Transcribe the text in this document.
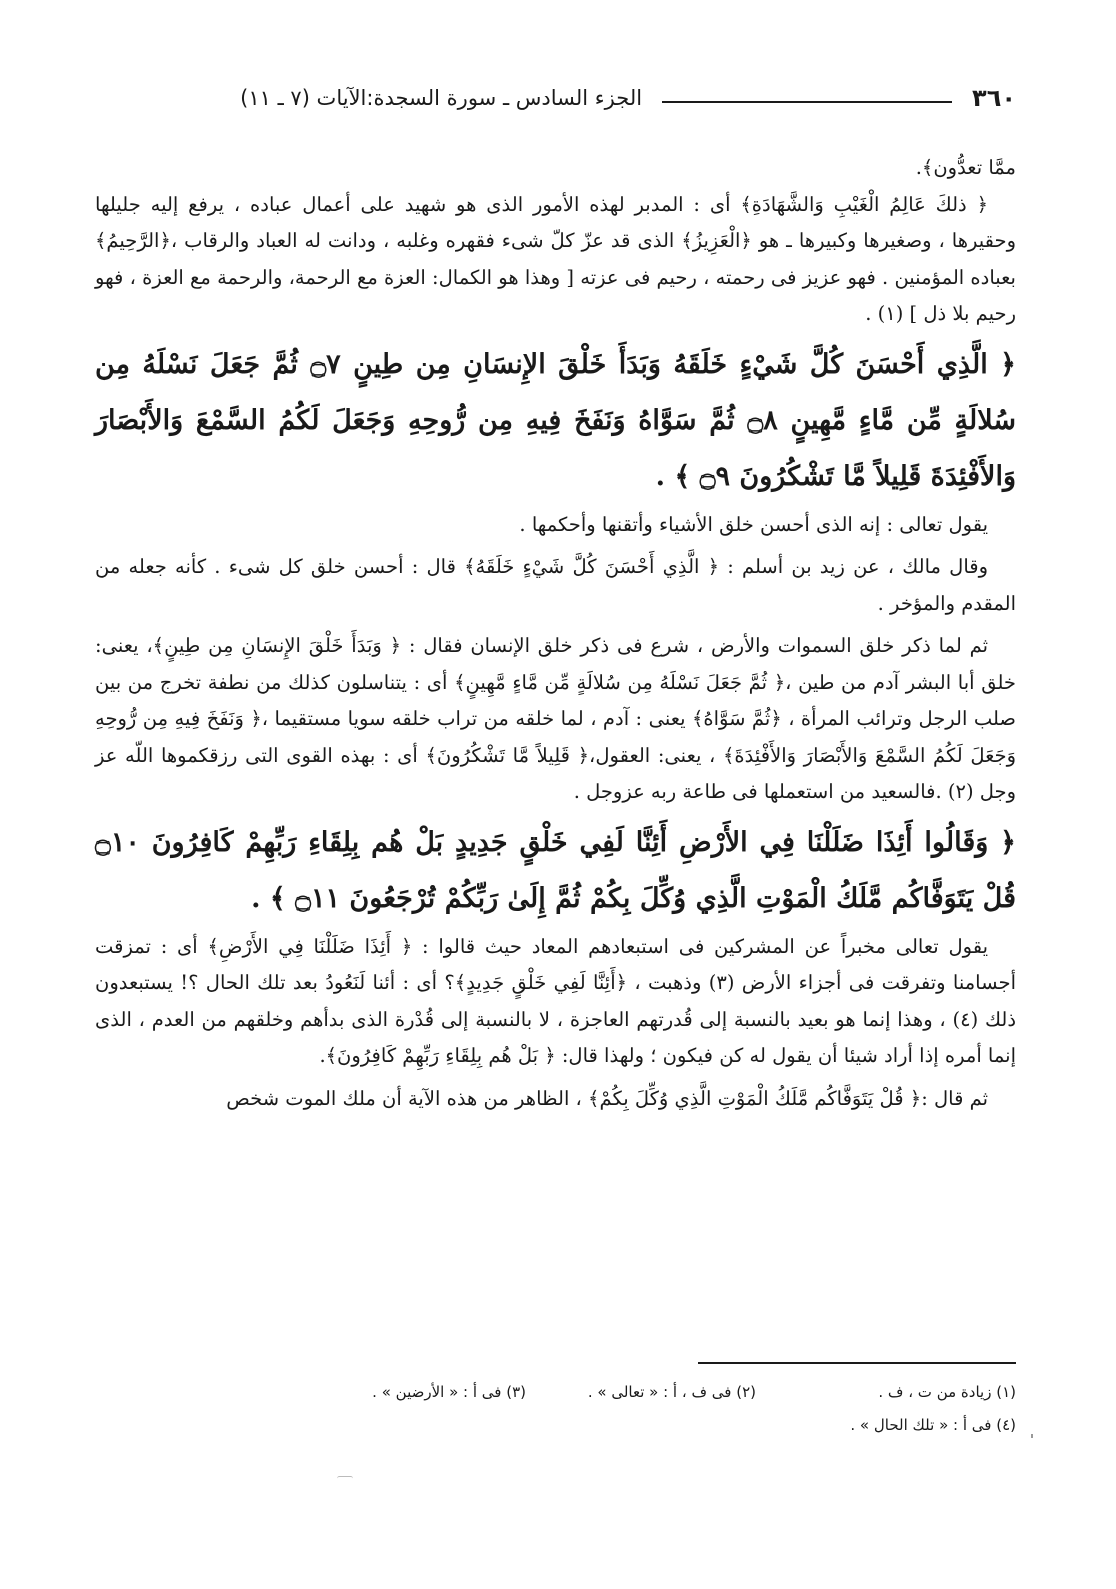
٣٦٠
الجزء السادس ـ سورة السجدة:الآيات (٧ ـ ١١)

ممَّا تعدُّون﴾.

﴿ ذلكَ عَالِمُ الْغَيْبِ وَالشَّهَادَةِ﴾ أى : المدبر لهذه الأمور الذى هو شهيد على أعمال عباده ، يرفع إليه جليلها وحقيرها ، وصغيرها وكبيرها ـ هو ﴿الْعَزِيزُ﴾ الذى قد عزّ كلّ شىء فقهره وغلبه ، ودانت له العباد والرقاب ،﴿الرَّحِيمُ﴾ بعباده المؤمنين . فهو عزيز فى رحمته ، رحيم فى عزته [ وهذا هو الكمال: العزة مع الرحمة، والرحمة مع العزة ، فهو رحيم بلا ذل ] (١) .

﴿ الَّذِي أَحْسَنَ كُلَّ شَيْءٍ خَلَقَهُ وَبَدَأَ خَلْقَ الإِنسَانِ مِن طِينٍ ۝٧ ثُمَّ جَعَلَ نَسْلَهُ مِن سُلالَةٍ مِّن مَّاءٍ مَّهِينٍ ۝٨ ثُمَّ سَوَّاهُ وَنَفَخَ فِيهِ مِن رُّوحِهِ وَجَعَلَ لَكُمُ السَّمْعَ وَالأَبْصَارَ وَالأَفْئِدَةَ قَلِيلاً مَّا تَشْكُرُونَ ۝٩ ﴾ .

يقول تعالى : إنه الذى أحسن خلق الأشياء وأتقنها وأحكمها .

وقال مالك ، عن زيد بن أسلم : ﴿ الَّذِي أَحْسَنَ كُلَّ شَيْءٍ خَلَقَهُ﴾ قال : أحسن خلق كل شىء . كأنه جعله من المقدم والمؤخر .

ثم لما ذكر خلق السموات والأرض ، شرع فى ذكر خلق الإنسان فقال : ﴿ وَبَدَأَ خَلْقَ الإِنسَانِ مِن طِينٍ﴾، يعنى: خلق أبا البشر آدم من طين ،﴿ ثُمَّ جَعَلَ نَسْلَهُ مِن سُلالَةٍ مِّن مَّاءٍ مَّهِينٍ﴾ أى : يتناسلون كذلك من نطفة تخرج من بين صلب الرجل وترائب المرأة ، ﴿ثُمَّ سَوَّاهُ﴾ يعنى : آدم ، لما خلقه من تراب خلقه سويا مستقيما ،﴿ وَنَفَخَ فِيهِ مِن رُّوحِهِ وَجَعَلَ لَكُمُ السَّمْعَ وَالأَبْصَارَ وَالأَفْئِدَةَ﴾ ، يعنى: العقول،﴿ قَلِيلاً مَّا تَشْكُرُونَ﴾ أى : بهذه القوى التى رزقكموها اللّه عز وجل (٢) .فالسعيد من استعملها فى طاعة ربه عزوجل .

﴿ وَقَالُوا أَئِذَا ضَلَلْنَا فِي الأَرْضِ أَئِنَّا لَفِي خَلْقٍ جَدِيدٍ بَلْ هُم بِلِقَاءِ رَبِّهِمْ كَافِرُونَ ۝١٠ قُلْ يَتَوَفَّاكُم مَّلَكُ الْمَوْتِ الَّذِي وُكِّلَ بِكُمْ ثُمَّ إِلَىٰ رَبِّكُمْ تُرْجَعُونَ ۝١١ ﴾ .

يقول تعالى مخبراً عن المشركين فى استبعادهم المعاد حيث قالوا : ﴿ أَئِذَا ضَلَلْنَا فِي الأَرْضِ﴾ أى : تمزقت أجسامنا وتفرقت فى أجزاء الأرض (٣) وذهبت ، ﴿أَئِنَّا لَفِي خَلْقٍ جَدِيدٍ﴾؟ أى : أئنا لَنَعُودُ بعد تلك الحال ؟! يستبعدون ذلك (٤) ، وهذا إنما هو بعيد بالنسبة إلى قُدرتهم العاجزة ، لا بالنسبة إلى قُدْرة الذى بدأهم وخلقهم من العدم ، الذى إنما أمره إذا أراد شيئا أن يقول له كن فيكون ؛ ولهذا قال: ﴿ بَلْ هُم بِلِقَاءِ رَبِّهِمْ كَافِرُونَ﴾.

ثم قال :﴿ قُلْ يَتَوَفَّاكُم مَّلَكُ الْمَوْتِ الَّذِي وُكِّلَ بِكُمْ﴾ ، الظاهر من هذه الآية أن ملك الموت شخص

(١) زيادة من ت ، ف .
(٢) فى ف ، أ : « تعالى » .
(٣) فى أ : « الأرضين » .
(٤) فى أ : « تلك الحال » .
